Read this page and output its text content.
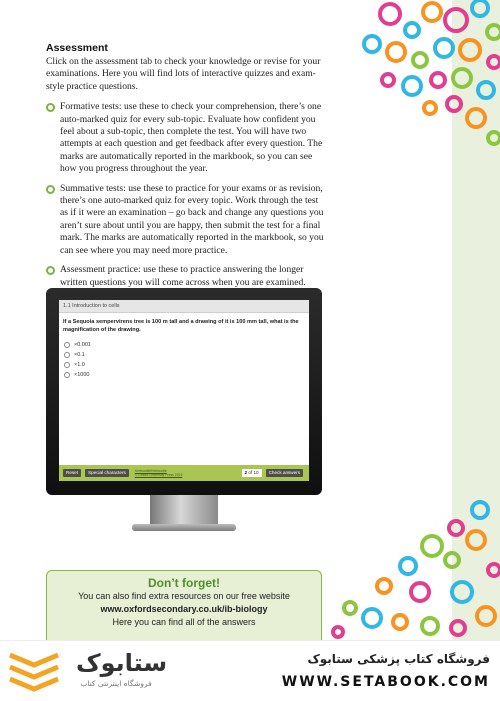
Assessment

Click on the assessment tab to check your knowledge or revise for your examinations. Here you will find lots of interactive quizzes and exam-style practice questions.

Formative tests: use these to check your comprehension, there’s one auto-marked quiz for every sub-topic. Evaluate how confident you feel about a sub-topic, then complete the test. You will have two attempts at each question and get feedback after every question. The marks are automatically reported in the markbook, so you can see how you progress throughout the year.
Summative tests: use these to practice for your exams or as revision, there’s one auto-marked quiz for every topic. Work through the test as if it were an examination – go back and change any questions you aren’t sure about until you are happy, then submit the test for a final mark. The marks are automatically reported in the markbook, so you can see where you may need more practice.
Assessment practice: use these to practice answering the longer written questions you will come across when you are examined.
1.1 Introduction to cells
If a Sequoia sempervirens tree is 100 m tall and a drawing of it is 100 mm tall, what is the magnification of the drawing.
×0.001
×0.1
×1.0
×1000
Reset	Special characters	Kerboodle/Kerboodle
© Oxford University Press 2013	2 of 10	Check answers
Don’t forget!
You can also find extra resources on our free website
www.oxfordsecondary.co.uk/ib-biology
Here you can find all of the answers
ستابوک
فروشگاه اینترنتی کتاب
فروشگاه کتاب پزشکی ستابوک
WWW.SETABOOK.COM
